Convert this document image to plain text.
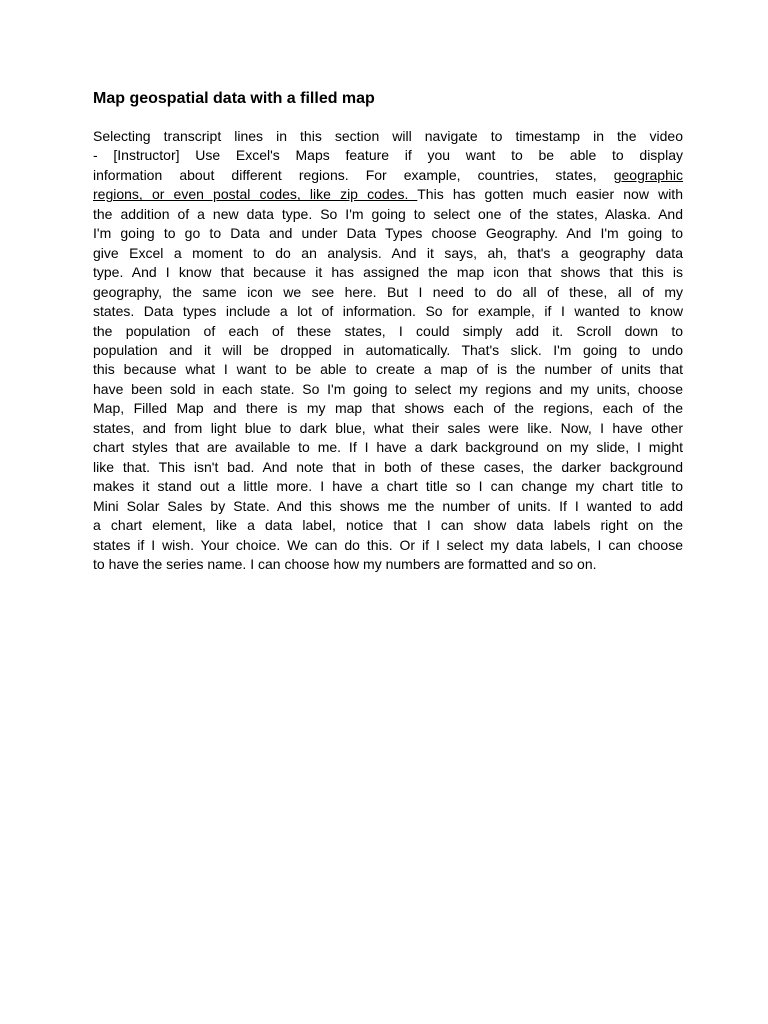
Map geospatial data with a filled map
Selecting transcript lines in this section will navigate to timestamp in the video
- [Instructor] Use Excel's Maps feature if you want to be able to display
information about different regions. For example, countries, states, geographic
regions, or even postal codes, like zip codes. This has gotten much easier now with
the addition of a new data type. So I'm going to select one of the states, Alaska. And
I'm going to go to Data and under Data Types choose Geography. And I'm going to
give Excel a moment to do an analysis. And it says, ah, that's a geography data
type. And I know that because it has assigned the map icon that shows that this is
geography, the same icon we see here. But I need to do all of these, all of my
states. Data types include a lot of information. So for example, if I wanted to know
the population of each of these states, I could simply add it. Scroll down to
population and it will be dropped in automatically. That's slick. I'm going to undo
this because what I want to be able to create a map of is the number of units that
have been sold in each state. So I'm going to select my regions and my units, choose
Map, Filled Map and there is my map that shows each of the regions, each of the
states, and from light blue to dark blue, what their sales were like. Now, I have other
chart styles that are available to me. If I have a dark background on my slide, I might
like that. This isn't bad. And note that in both of these cases, the darker background
makes it stand out a little more. I have a chart title so I can change my chart title to
Mini Solar Sales by State. And this shows me the number of units. If I wanted to add
a chart element, like a data label, notice that I can show data labels right on the
states if I wish. Your choice. We can do this. Or if I select my data labels, I can choose
to have the series name. I can choose how my numbers are formatted and so on.
